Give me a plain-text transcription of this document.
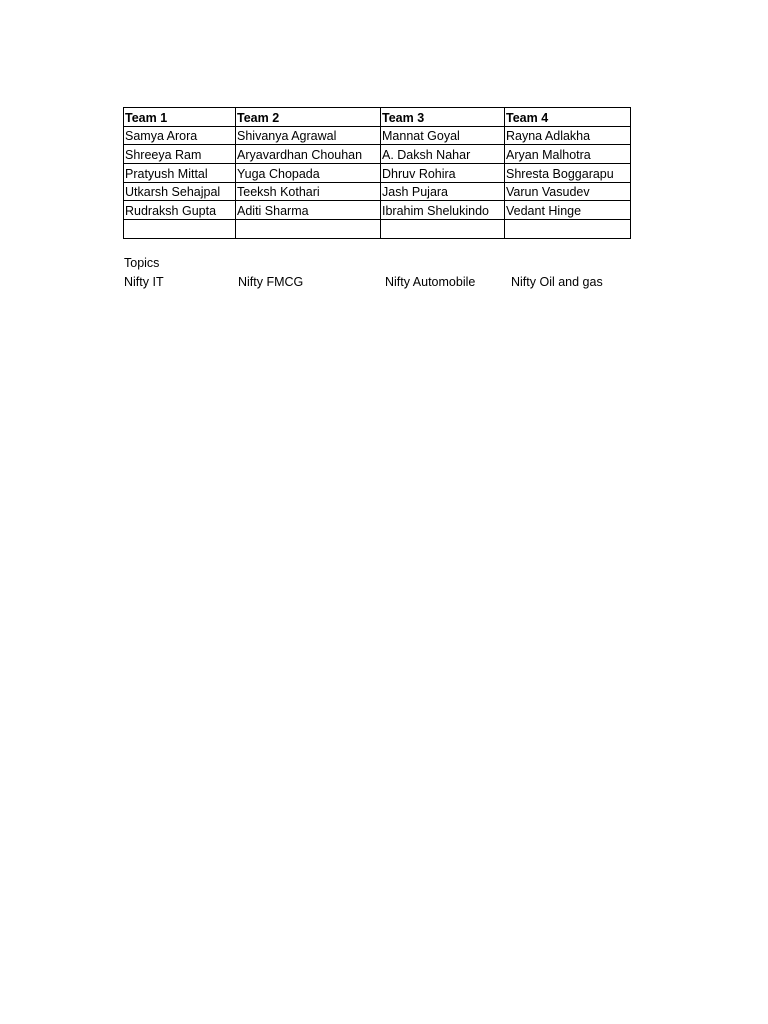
Team 1	Team 2	Team 3	Team 4
Samya Arora	Shivanya Agrawal	Mannat Goyal	Rayna Adlakha
Shreeya Ram	Aryavardhan Chouhan	A. Daksh Nahar	Aryan Malhotra
Pratyush Mittal	Yuga Chopada	Dhruv Rohira	Shresta Boggarapu
Utkarsh Sehajpal	Teeksh Kothari	Jash Pujara	Varun Vasudev
Rudraksh Gupta	Aditi Sharma	Ibrahim Shelukindo	Vedant Hinge

Topics
Nifty IT	Nifty FMCG	Nifty Automobile	Nifty Oil and gas
